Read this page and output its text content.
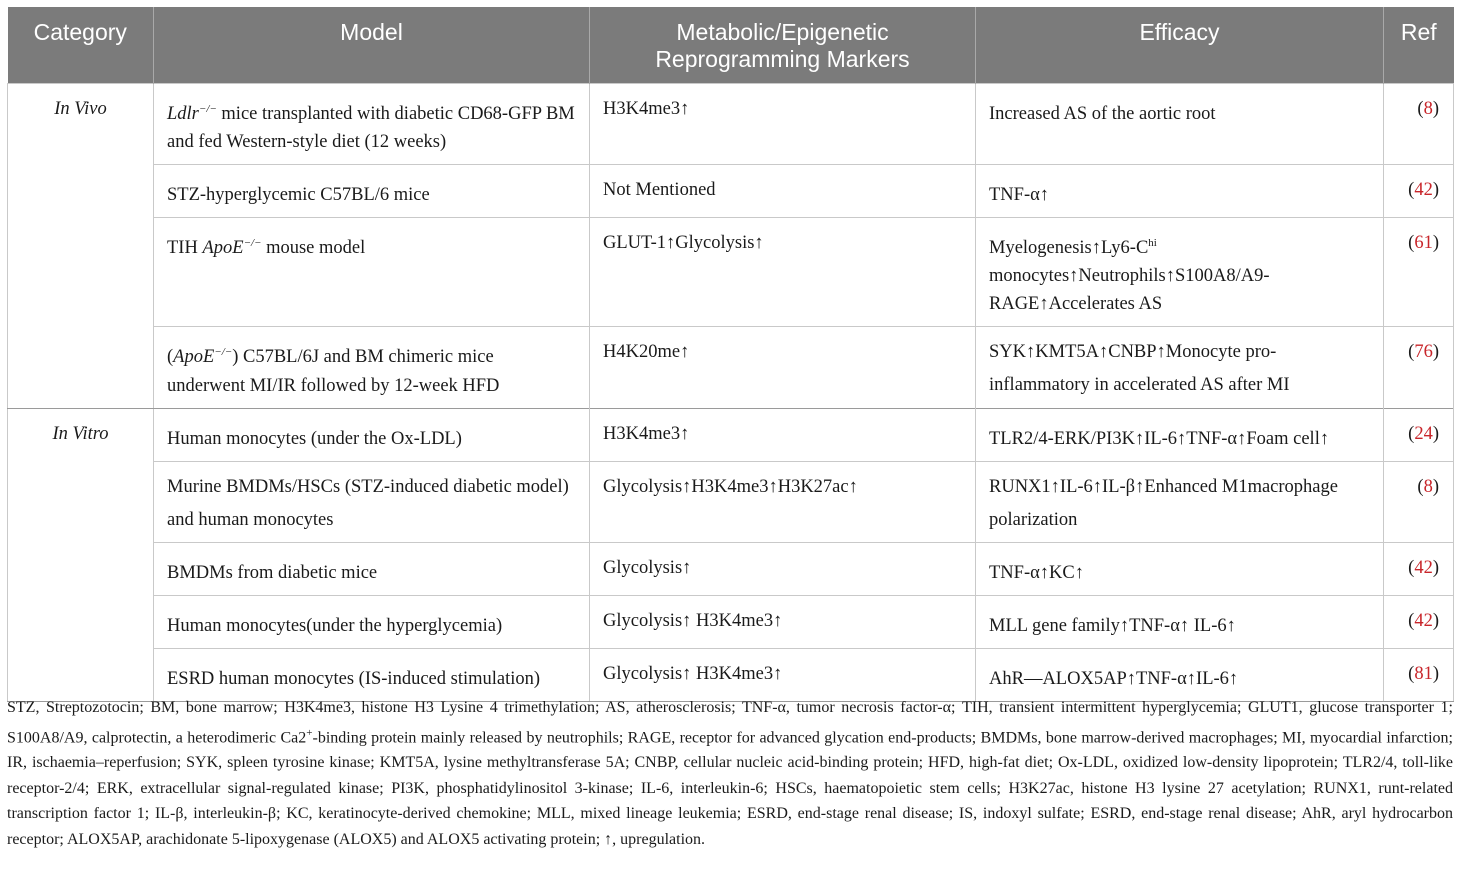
Category	Model	Metabolic/Epigenetic Reprogramming Markers	Efficacy	Ref
In Vivo	Ldlr−/− mice transplanted with diabetic CD68-GFP BM and fed Western-style diet (12 weeks)	H3K4me3↑	Increased AS of the aortic root	(8)
	STZ-hyperglycemic C57BL/6 mice	Not Mentioned	TNF-α↑	(42)
	TIH ApoE−/− mouse model	GLUT-1↑Glycolysis↑	$Myelogenesis↑Ly6-C^{hi}$ monocytes↑Neutrophils↑S100A8/A9-RAGE↑Accelerates AS	(61)
	(ApoE−/−) C57BL/6J and BM chimeric mice underwent MI/IR followed by 12-week HFD	H4K20me↑	SYK↑KMT5A↑CNBP↑Monocyte pro-inflammatory in accelerated AS after MI	(76)
In Vitro	Human monocytes (under the Ox-LDL)	H3K4me3↑	TLR2/4-ERK/PI3K↑IL-6↑TNF-α↑Foam cell↑	(24)
	Murine BMDMs/HSCs (STZ-induced diabetic model) and human monocytes	Glycolysis↑H3K4me3↑H3K27ac↑	RUNX1↑IL-6↑IL-β↑Enhanced M1macrophage polarization	(8)
	BMDMs from diabetic mice	Glycolysis↑	TNF-α↑KC↑	(42)
	Human monocytes(under the hyperglycemia)	Glycolysis↑ H3K4me3↑	MLL gene family↑TNF-α↑ IL-6↑	(42)
	ESRD human monocytes (IS-induced stimulation)	Glycolysis↑ H3K4me3↑	AhR—ALOX5AP↑TNF-α↑IL-6↑	(81)
STZ, Streptozotocin; BM, bone marrow; H3K4me3, histone H3 Lysine 4 trimethylation; AS, atherosclerosis; TNF-α, tumor necrosis factor-α; TIH, transient intermittent hyperglycemia; GLUT1, glucose transporter 1; S100A8/A9, calprotectin, a heterodimeric Ca2+-binding protein mainly released by neutrophils; RAGE, receptor for advanced glycation end-products; BMDMs, bone marrow-derived macrophages; MI, myocardial infarction; IR, ischaemia–reperfusion; SYK, spleen tyrosine kinase; KMT5A, lysine methyltransferase 5A; CNBP, cellular nucleic acid-binding protein; HFD, high-fat diet; Ox-LDL, oxidized low-density lipoprotein; TLR2/4, toll-like receptor-2/4; ERK, extracellular signal-regulated kinase; PI3K, phosphatidylinositol 3-kinase; IL-6, interleukin-6; HSCs, haematopoietic stem cells; H3K27ac, histone H3 lysine 27 acetylation; RUNX1, runt-related transcription factor 1; IL-β, interleukin-β; KC, keratinocyte-derived chemokine; MLL, mixed lineage leukemia; ESRD, end-stage renal disease; IS, indoxyl sulfate; ESRD, end-stage renal disease; AhR, aryl hydrocarbon receptor; ALOX5AP, arachidonate 5-lipoxygenase (ALOX5) and ALOX5 activating protein; ↑, upregulation.
